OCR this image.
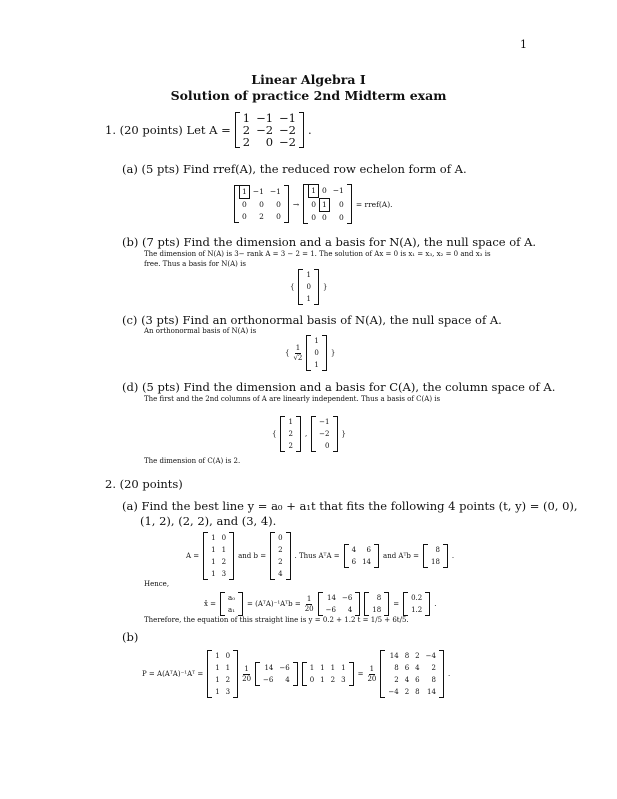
1
Linear Algebra I
Solution of practice 2nd Midterm exam
1. (20 points) Let A =
1 −1 −1
2 −2 −2
2	0 −2
.
(a) (5 pts) Find rref(A), the reduced row echelon form of A.
1 −1 −1
0	0	0
0	2	0
→
1 0 −1
0 1	0
0 0	0
= rref(A).
(b) (7 pts) Find the dimension and a basis for N(A), the null space of A.
The dimension of N(A) is 3− rank A = 3 − 2 = 1. The solution of Ax = 0 is x₁ = x₃, x₂ = 0 and x₃ is
free. Thus a basis for N(A) is
{
1
0
1
}
(c) (3 pts) Find an orthonormal basis of N(A), the null space of A.
An orthonormal basis of N(A) is
{ $\frac{1}{√2}$
1
0
1
}
(d) (5 pts) Find the dimension and a basis for C(A), the column space of A.
The first and the 2nd columns of A are linearly independent. Thus a basis of C(A) is
{
1
2
2
,
−1
−2
0
}
The dimension of C(A) is 2.
2. (20 points)
(a) Find the best line y = a₀ + a₁t that fits the following 4 points (t, y) = (0, 0),
(1, 2), (2, 2), and (3, 4).
A =
1 0
1 1
1 2
1 3
and b =
0
2
2
4
. Thus AᵀA =
4	6
6 14
and Aᵀb =
8
18
.
Hence,
x̂ =
a₀
a₁
= (AᵀA)⁻¹Aᵀb = $\frac{1}{20}$	14 −6
−6	4
8
18
=
0.2
1.2
.
Therefore, the equation of this straight line is y = 0.2 + 1.2 t = 1/5 + 6t/5.
(b)
P = A(AᵀA)⁻¹Aᵀ =
1 0
1 1
1 2
1 3
$\frac{1}{20}$	14 −6
−6	4
1 1 1 1
0 1 2 3
= $\frac{1}{20}$
14 8 2 −4
8 6 4	2
2 4 6	8
−4 2 8	14
.
